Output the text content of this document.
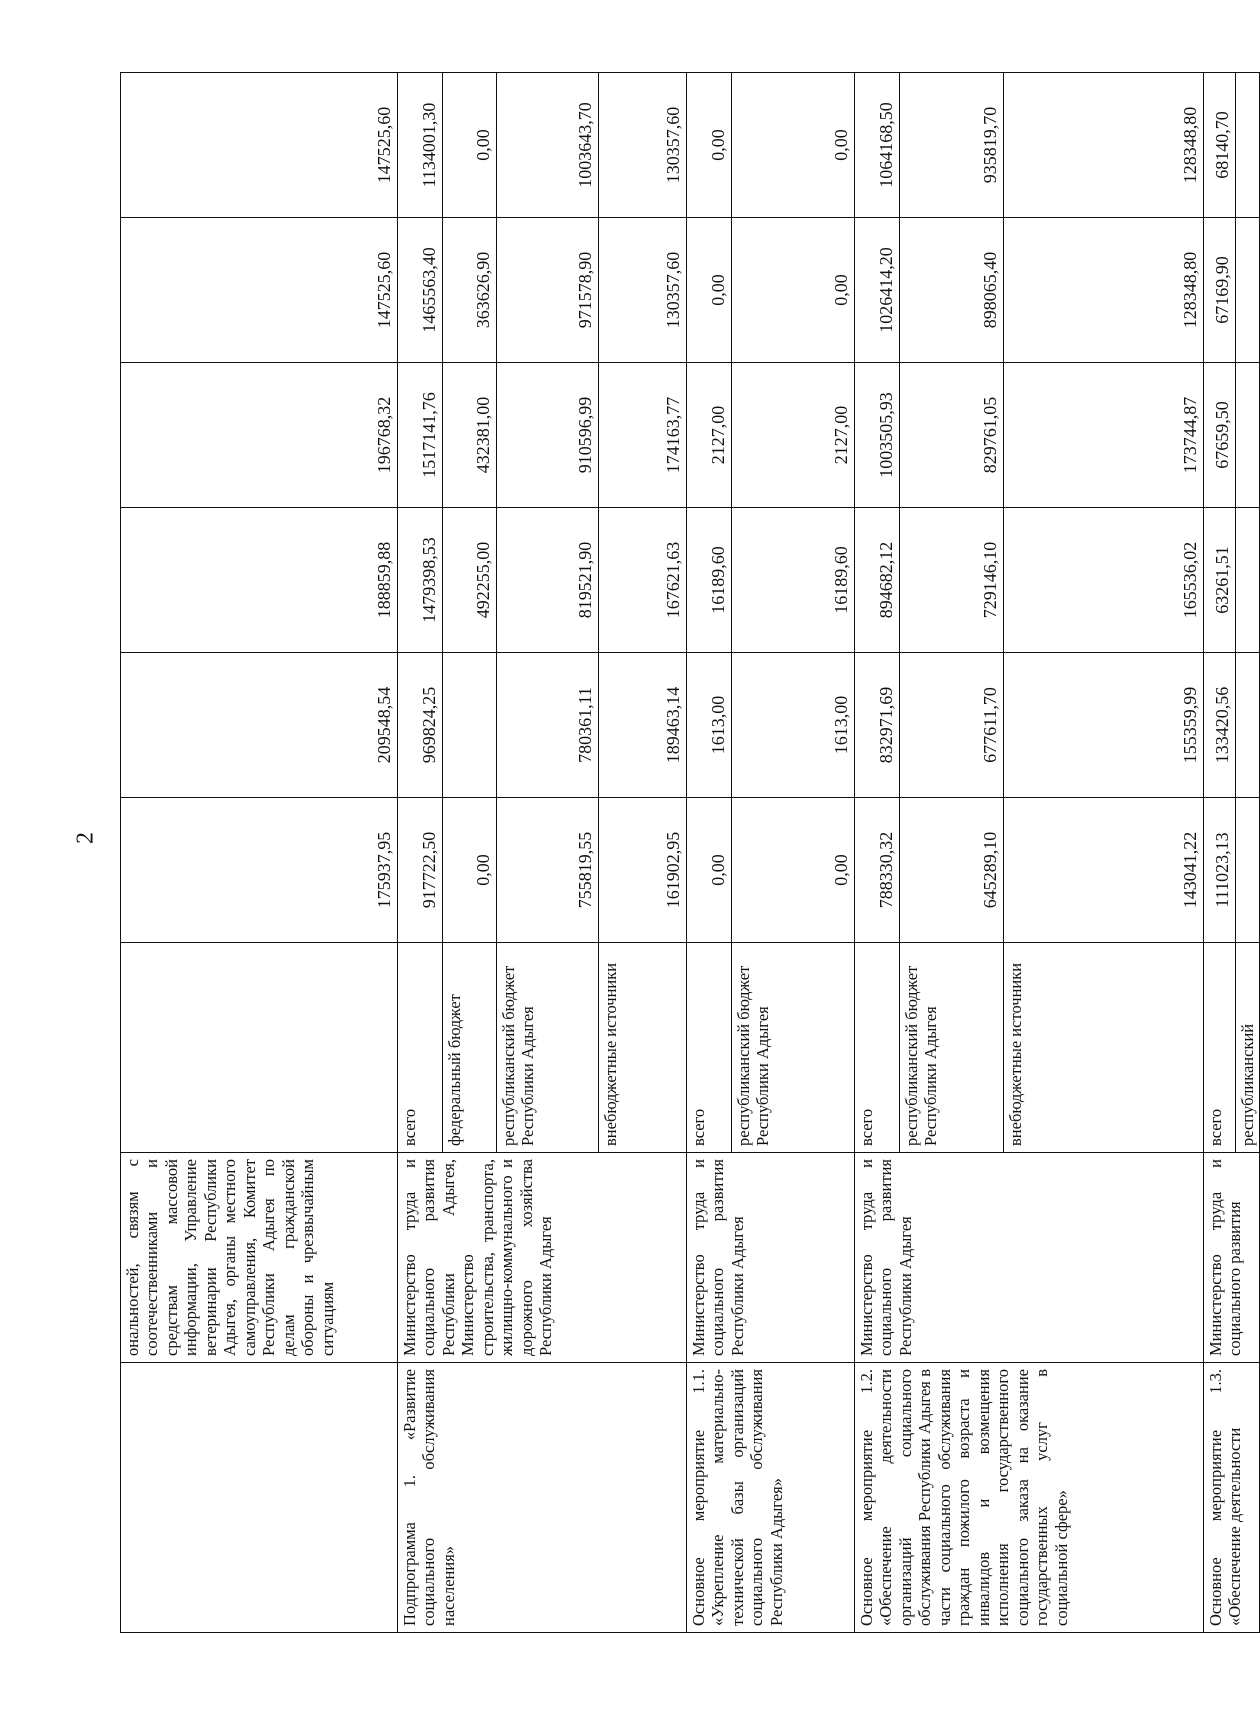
2
	ональностей, связям с соотечественниками и средствам массовой информации, Управление ветеринарии Республики Адыгея, органы местного самоуправления, Комитет Республики Адыгея по делам гражданской обороны и чрезвычайным ситуациям		175937,95	209548,54	188859,88	196768,32	147525,60	147525,60
Подпрограмма 1. «Развитие социального обслуживания населения»	Министерство труда и социального развития Республики Адыгея, Министерство строительства, транспорта, жилищно-коммунального и дорожного хозяйства Республики Адыгея	всего	917722,50	969824,25	1479398,53	1517141,76	1465563,40	1134001,30
		федеральный бюджет	0,00		492255,00	432381,00	363626,90	0,00
		республиканский бюджет Республики Адыгея	755819,55	780361,11	819521,90	910596,99	971578,90	1003643,70
		внебюджетные источники	161902,95	189463,14	167621,63	174163,77	130357,60	130357,60
Основное мероприятие 1.1. «Укрепление материально-технической базы организаций социального обслуживания Республики Адыгея»	Министерство труда и социального развития Республики Адыгея	всего	0,00	1613,00	16189,60	2127,00	0,00	0,00
		республиканский бюджет Республики Адыгея	0,00	1613,00	16189,60	2127,00	0,00	0,00
Основное мероприятие 1.2. «Обеспечение деятельности организаций социального обслуживания Республики Адыгея в части социального обслуживания граждан пожилого возраста и инвалидов и возмещения исполнения государственного социального заказа на оказание государственных услуг в социальной сфере»	Министерство труда и социального развития Республики Адыгея	всего	788330,32	832971,69	894682,12	1003505,93	1026414,20	1064168,50
		республиканский бюджет Республики Адыгея	645289,10	677611,70	729146,10	829761,05	898065,40	935819,70
		внебюджетные источники	143041,22	155359,99	165536,02	173744,87	128348,80	128348,80
Основное мероприятие 1.3. «Обеспечение деятельности	Министерство труда и социального развития	всего	111023,13	133420,56	63261,51	67659,50	67169,90	68140,70
		республиканский						
